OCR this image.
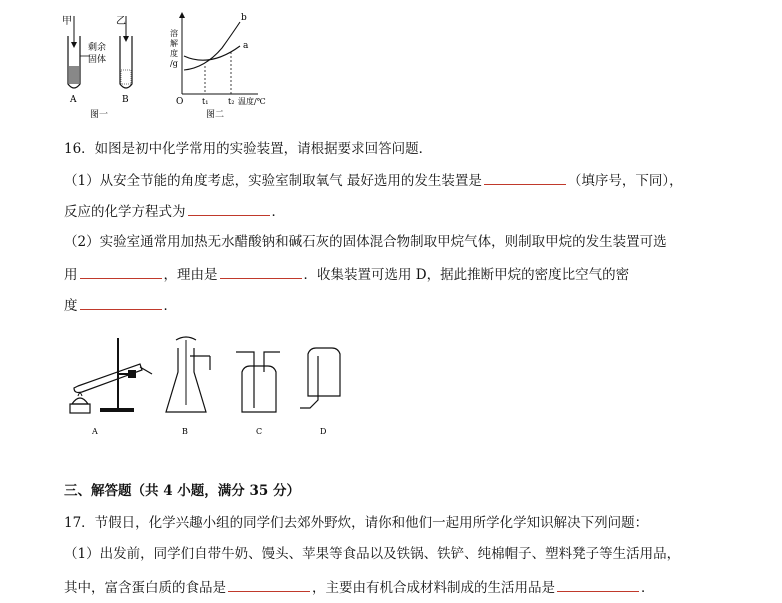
甲
剩余
固体
A
乙
B
图一
溶
解
度
/g
b
a
O t₁ t₂ 温度/℃
图二
16．如图是初中化学常用的实验装置，请根据要求回答问题．
（1）从安全节能的角度考虑，实验室制取氧气 最好选用的发生装置是	（填序号，下同），
反应的化学方程式为	．
（2）实验室通常用加热无水醋酸钠和碱石灰的固体混合物制取甲烷气体，则制取甲烷的发生装置可选
用	，理由是	．收集装置可选用 D，据此推断甲烷的密度比空气的密
度	．
A	B	C	D
三、解答题（共 4 小题，满分 35 分）
17．节假日，化学兴趣小组的同学们去郊外野炊，请你和他们一起用所学化学知识解决下列问题：
（1）出发前，同学们自带牛奶、馒头、苹果等食品以及铁锅、铁铲、纯棉帽子、塑料凳子等生活用品，
其中，富含蛋白质的食品是	，主要由有机合成材料制成的生活用品是	．
